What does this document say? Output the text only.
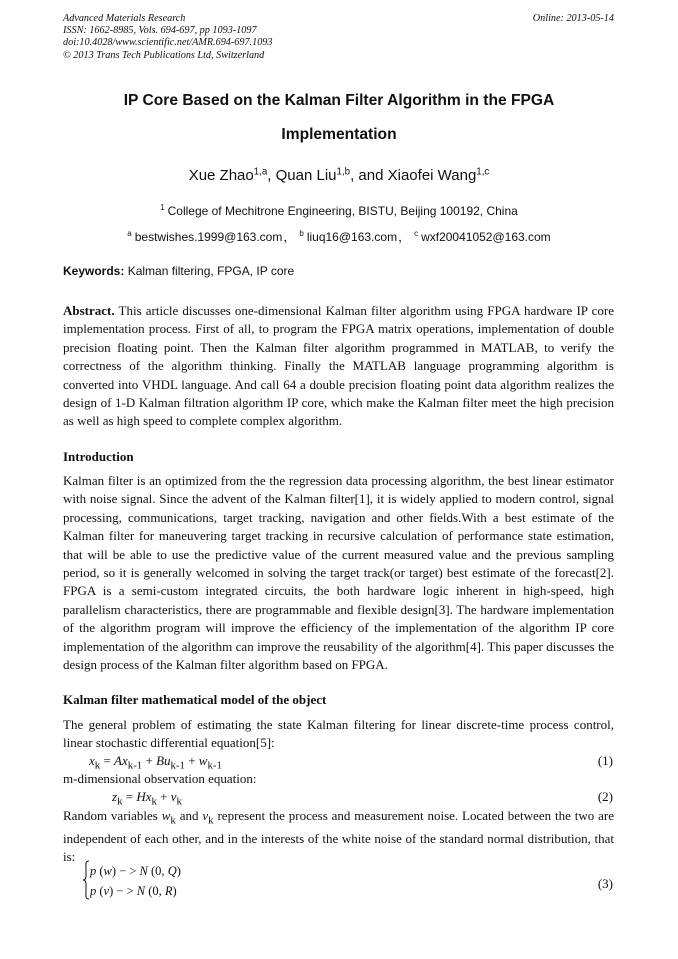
Advanced Materials Research
ISSN: 1662-8985, Vols. 694-697, pp 1093-1097
doi:10.4028/www.scientific.net/AMR.694-697.1093
© 2013 Trans Tech Publications Ltd, Switzerland
Online: 2013-05-14
IP Core Based on the Kalman Filter Algorithm in the FPGA
Implementation
Xue Zhao$^{1,a}$, Quan Liu$^{1,b}$, and Xiaofei Wang$^{1,c}$
$^1$ College of Mechitrone Engineering, BISTU, Beijing 100192, China
$^a$ bestwishes.1999@163.com， $^b$ liuq16@163.com， $^c$ wxf20041052@163.com
Keywords: Kalman filtering, FPGA, IP core
Abstract. This article discusses one-dimensional Kalman filter algorithm using FPGA hardware IP core implementation process. First of all, to program the FPGA matrix operations, implementation of double precision floating point. Then the Kalman filter algorithm programmed in MATLAB, to verify the correctness of the algorithm thinking. Finally the MATLAB language programming algorithm is converted into VHDL language. And call 64 a double precision floating point data algorithm realizes the design of 1-D Kalman filtration algorithm IP core, which make the Kalman filter meet the high precision as well as high speed to complete complex algorithm.
Introduction
Kalman filter is an optimized from the the regression data processing algorithm, the best linear estimator with noise signal. Since the advent of the Kalman filter[1], it is widely applied to modern control, signal processing, communications, target tracking, navigation and other fields.With a best estimate of the Kalman filter for maneuvering target tracking in recursive calculation of performance state estimation, that will be able to use the predictive value of the current measured value and the previous sampling period, so it is generally welcomed in solving the target track(or target) best estimate of the forecast[2]. FPGA is a semi-custom integrated circuits, the both hardware logic inherent in high-speed, high parallelism characteristics, there are programmable and flexible design[3]. The hardware implementation of the algorithm program will improve the efficiency of the implementation of the algorithm IP core implementation of the algorithm can improve the reusability of the algorithm[4]. This paper discusses the design process of the Kalman filter algorithm based on FPGA.
Kalman filter mathematical model of the object
The general problem of estimating the state Kalman filtering for linear discrete-time process control, linear stochastic differential equation[5]:
$x_k = Ax_{k-1} + Bu_{k-1} + w_{k-1}$	(1)
m-dimensional observation equation:
$z_k = Hx_k + v_k$	(2)
Random variables $w_k$ and $v_k$ represent the process and measurement noise. Located between the two are independent of each other, and in the interests of the white noise of the standard normal distribution, that is:
p (w) − > N (0, Q)
p (v) − > N (0, R)	(3)
